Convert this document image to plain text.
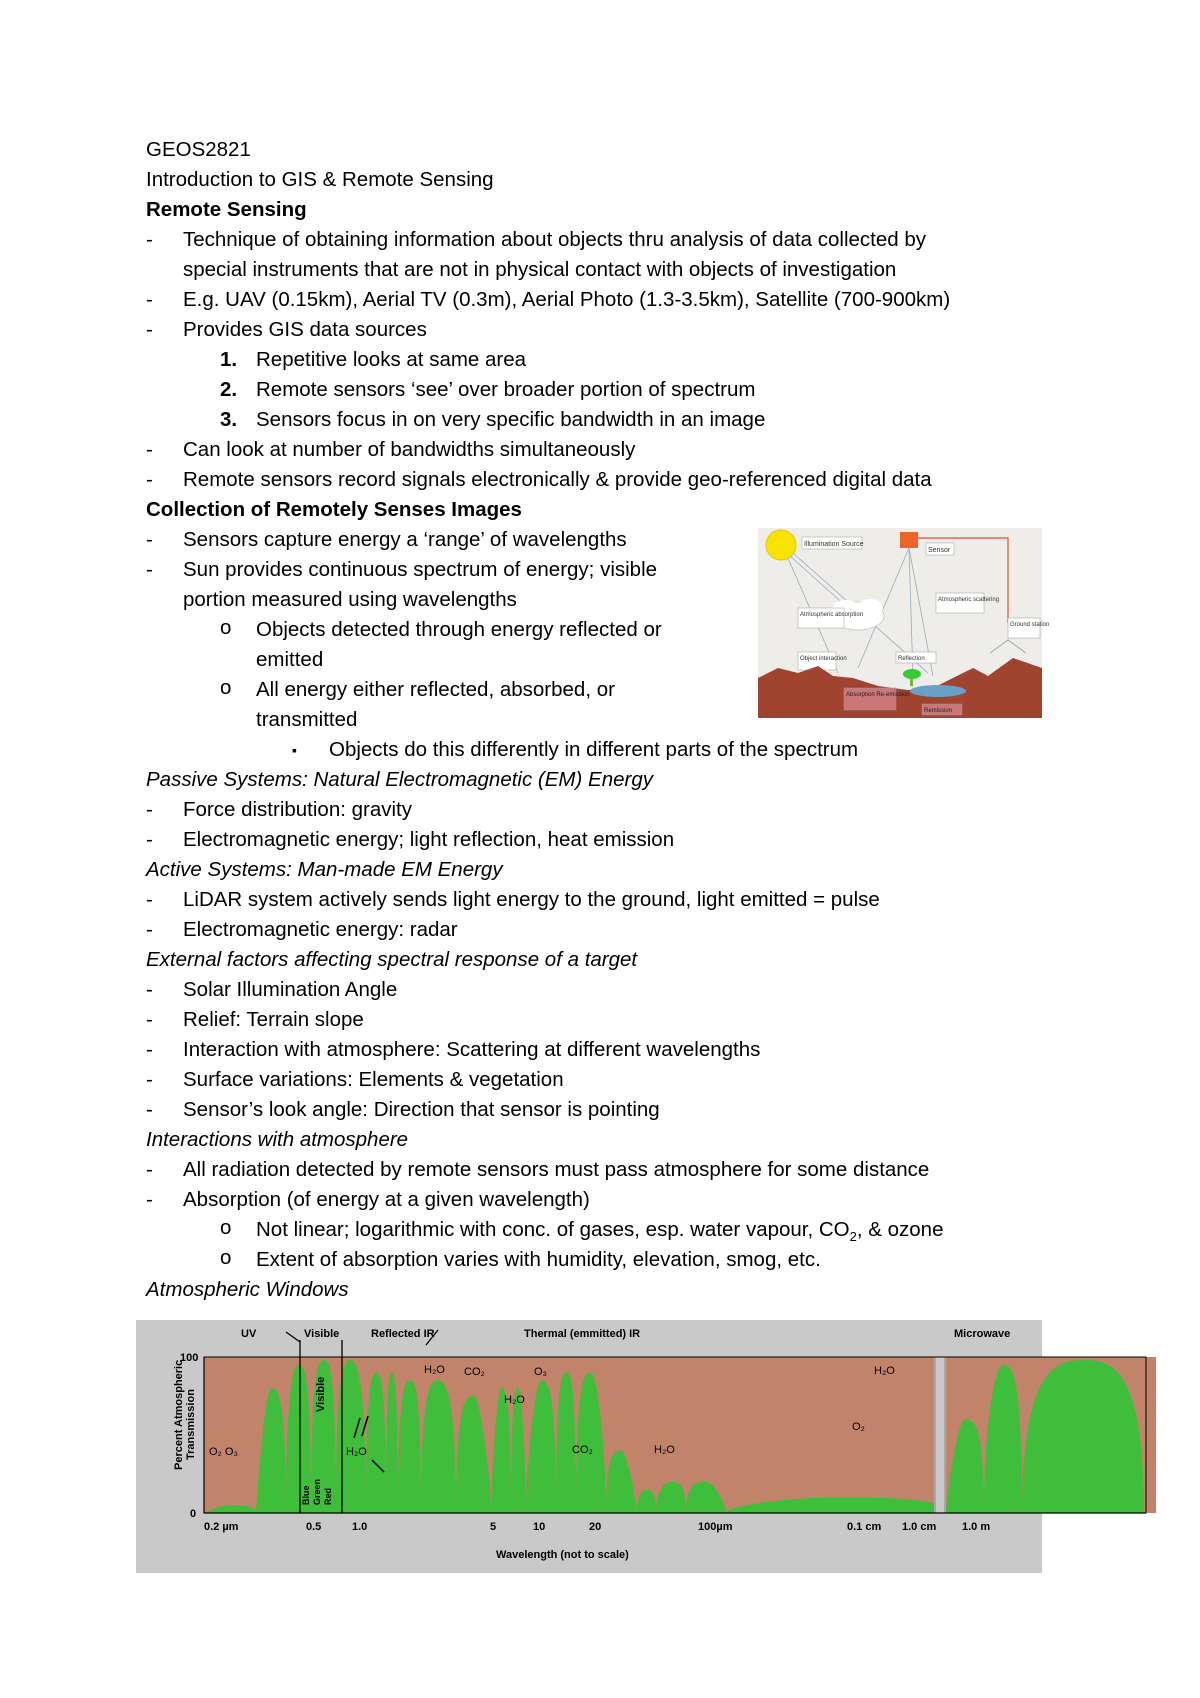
GEOS2821
Introduction to GIS & Remote Sensing
Remote Sensing
- Technique of obtaining information about objects thru analysis of data collected by
special instruments that are not in physical contact with objects of investigation
- E.g. UAV (0.15km), Aerial TV (0.3m), Aerial Photo (1.3-3.5km), Satellite (700-900km)
- Provides GIS data sources
1. Repetitive looks at same area
2. Remote sensors ‘see’ over broader portion of spectrum
3. Sensors focus in on very specific bandwidth in an image
- Can look at number of bandwidths simultaneously
- Remote sensors record signals electronically & provide geo-referenced digital data
Collection of Remotely Senses Images
- Sensors capture energy a ‘range’ of wavelengths
- Sun provides continuous spectrum of energy; visible
portion measured using wavelengths
o Objects detected through energy reflected or
emitted
o All energy either reflected, absorbed, or
transmitted
▪ Objects do this differently in different parts of the spectrum
Passive Systems: Natural Electromagnetic (EM) Energy
- Force distribution: gravity
- Electromagnetic energy; light reflection, heat emission
Active Systems: Man-made EM Energy
- LiDAR system actively sends light energy to the ground, light emitted = pulse
- Electromagnetic energy: radar
External factors affecting spectral response of a target
- Solar Illumination Angle
- Relief: Terrain slope
- Interaction with atmosphere: Scattering at different wavelengths
- Surface variations: Elements & vegetation
- Sensor’s look angle: Direction that sensor is pointing
Interactions with atmosphere
- All radiation detected by remote sensors must pass atmosphere for some distance
- Absorption (of energy at a given wavelength)
o Not linear; logarithmic with conc. of gases, esp. water vapour, $CO_2$, & ozone
o Extent of absorption varies with humidity, elevation, smog, etc.
Atmospheric Windows
Illumination Source
Sensor
Atmospheric absorption
Atmospheric scattering
Ground station
Object interaction	Reflection
Absorption Re-emission
Remission
UV	Visible	Reflected IR	Thermal (emmitted) IR	Microwave
100
0
Percent Atmospheric Transmission
0.2 µm	0.5	1.0	5	10	20	100µm	0.1 cm 1.0 cm 1.0 m
Wavelength (not to scale)
Visible
Blue Green Red
H₂O CO₂	O₃
H₂O
CO₂	H₂O
O₂ O₃	H₂O
O₂
H₂O
